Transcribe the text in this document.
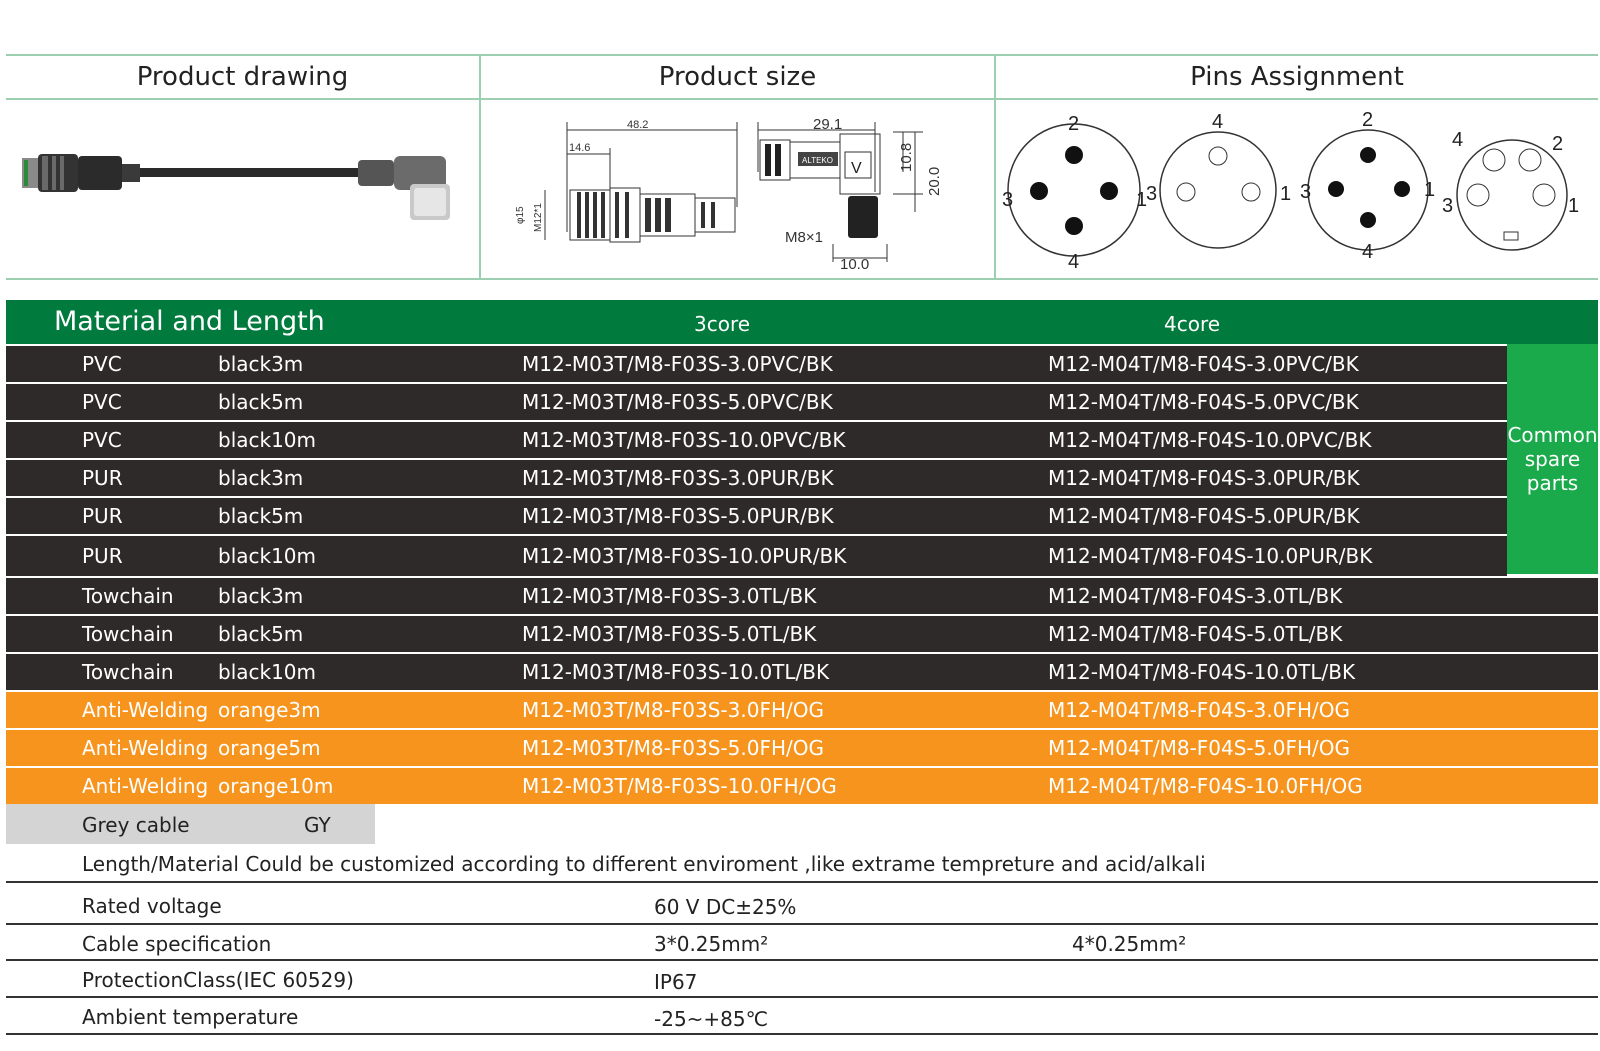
Product drawing	Product size	Pins Assignment
48.2
14.6
φ15 M12*1
ALTEKO V
29.1
10.8
20.0
M8×1
10.0
2
3	1
4
4
3	1
2
3	1
4
4	2
3	1
Material and Length	3core	4core
PVC	black3m	M12-M03T/M8-F03S-3.0PVC/BK	M12-M04T/M8-F04S-3.0PVC/BK
PVC	black5m	M12-M03T/M8-F03S-5.0PVC/BK	M12-M04T/M8-F04S-5.0PVC/BK
PVC	black10m	M12-M03T/M8-F03S-10.0PVC/BK	M12-M04T/M8-F04S-10.0PVC/BK
PUR	black3m	M12-M03T/M8-F03S-3.0PUR/BK	M12-M04T/M8-F04S-3.0PUR/BK
PUR	black5m	M12-M03T/M8-F03S-5.0PUR/BK	M12-M04T/M8-F04S-5.0PUR/BK
PUR	black10m	M12-M03T/M8-F03S-10.0PUR/BK	M12-M04T/M8-F04S-10.0PUR/BK
Towchain black3m	M12-M03T/M8-F03S-3.0TL/BK	M12-M04T/M8-F04S-3.0TL/BK
Towchain black5m	M12-M03T/M8-F03S-5.0TL/BK	M12-M04T/M8-F04S-5.0TL/BK
Towchain black10m	M12-M03T/M8-F03S-10.0TL/BK	M12-M04T/M8-F04S-10.0TL/BK
Anti-Welding orange3m	M12-M03T/M8-F03S-3.0FH/OG	M12-M04T/M8-F04S-3.0FH/OG
Anti-Welding orange5m	M12-M03T/M8-F03S-5.0FH/OG	M12-M04T/M8-F04S-5.0FH/OG
Anti-Welding orange10m	M12-M03T/M8-F03S-10.0FH/OG	M12-M04T/M8-F04S-10.0FH/OG
Common spare parts
Grey cable	GY
Length/Material Could be customized according to different enviroment ,like extrame tempreture and acid/alkali
Rated voltage	60 V DC±25%
Cable specification	3*0.25mm²	4*0.25mm²
ProtectionClass(IEC 60529)	IP67
Ambient temperature	-25~+85℃
